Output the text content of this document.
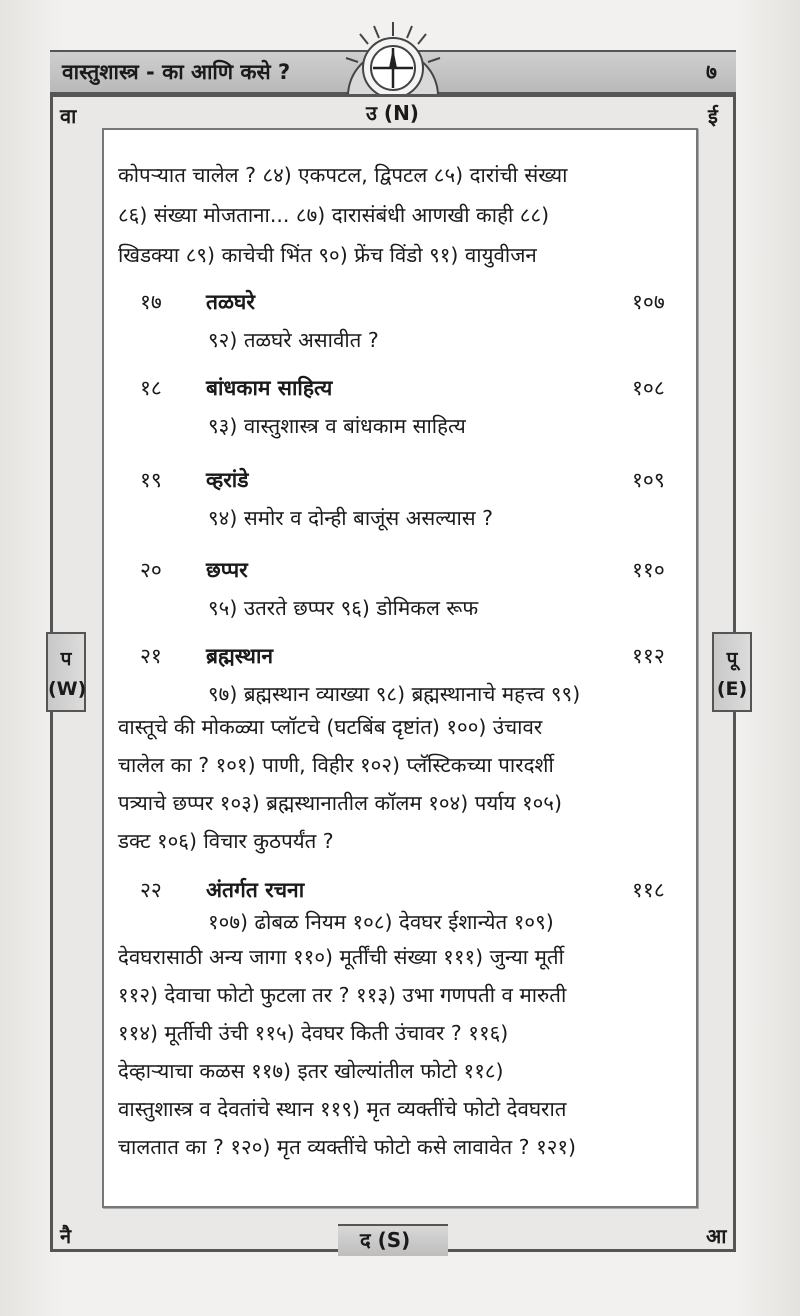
वास्तुशास्त्र - का आणि कसे ?	७
उ (N)
वा	ई
नै	आ
प
(W)
पू
(E)
द (S)
कोपऱ्यात चालेल ? ८४) एकपटल, द्विपटल ८५) दारांची संख्या
८६) संख्या मोजताना... ८७) दारासंबंधी आणखी काही ८८)
खिडक्या ८९) काचेची भिंत ९०) फ्रेंच विंडो ९१) वायुवीजन
१७ तळघरे	१०७
९२) तळघरे असावीत ?
१८ बांधकाम साहित्य	१०८
९३) वास्तुशास्त्र व बांधकाम साहित्य
१९ व्हरांडे	१०९
९४) समोर व दोन्ही बाजूंस असल्यास ?
२० छप्पर	११०
९५) उतरते छप्पर ९६) डोमिकल रूफ
२१ ब्रह्मस्थान	११२
९७) ब्रह्मस्थान व्याख्या ९८) ब्रह्मस्थानाचे महत्त्व ९९)
वास्तूचे की मोकळ्या प्लॉटचे (घटबिंब दृष्टांत) १००) उंचावर
चालेल का ? १०१) पाणी, विहीर १०२) प्लॅस्टिकच्या पारदर्शी
पत्र्याचे छप्पर १०३) ब्रह्मस्थानातील कॉलम १०४) पर्याय १०५)
डक्ट १०६) विचार कुठपर्यंत ?
२२ अंतर्गत रचना	११८
१०७) ढोबळ नियम १०८) देवघर ईशान्येत १०९)
देवघरासाठी अन्य जागा ११०) मूर्तींची संख्या १११) जुन्या मूर्ती
११२) देवाचा फोटो फुटला तर ? ११३) उभा गणपती व मारुती
११४) मूर्तीची उंची ११५) देवघर किती उंचावर ? ११६)
देव्हाऱ्याचा कळस ११७) इतर खोल्यांतील फोटो ११८)
वास्तुशास्त्र व देवतांचे स्थान ११९) मृत व्यक्तींचे फोटो देवघरात
चालतात का ? १२०) मृत व्यक्तींचे फोटो कसे लावावेत ? १२१)
